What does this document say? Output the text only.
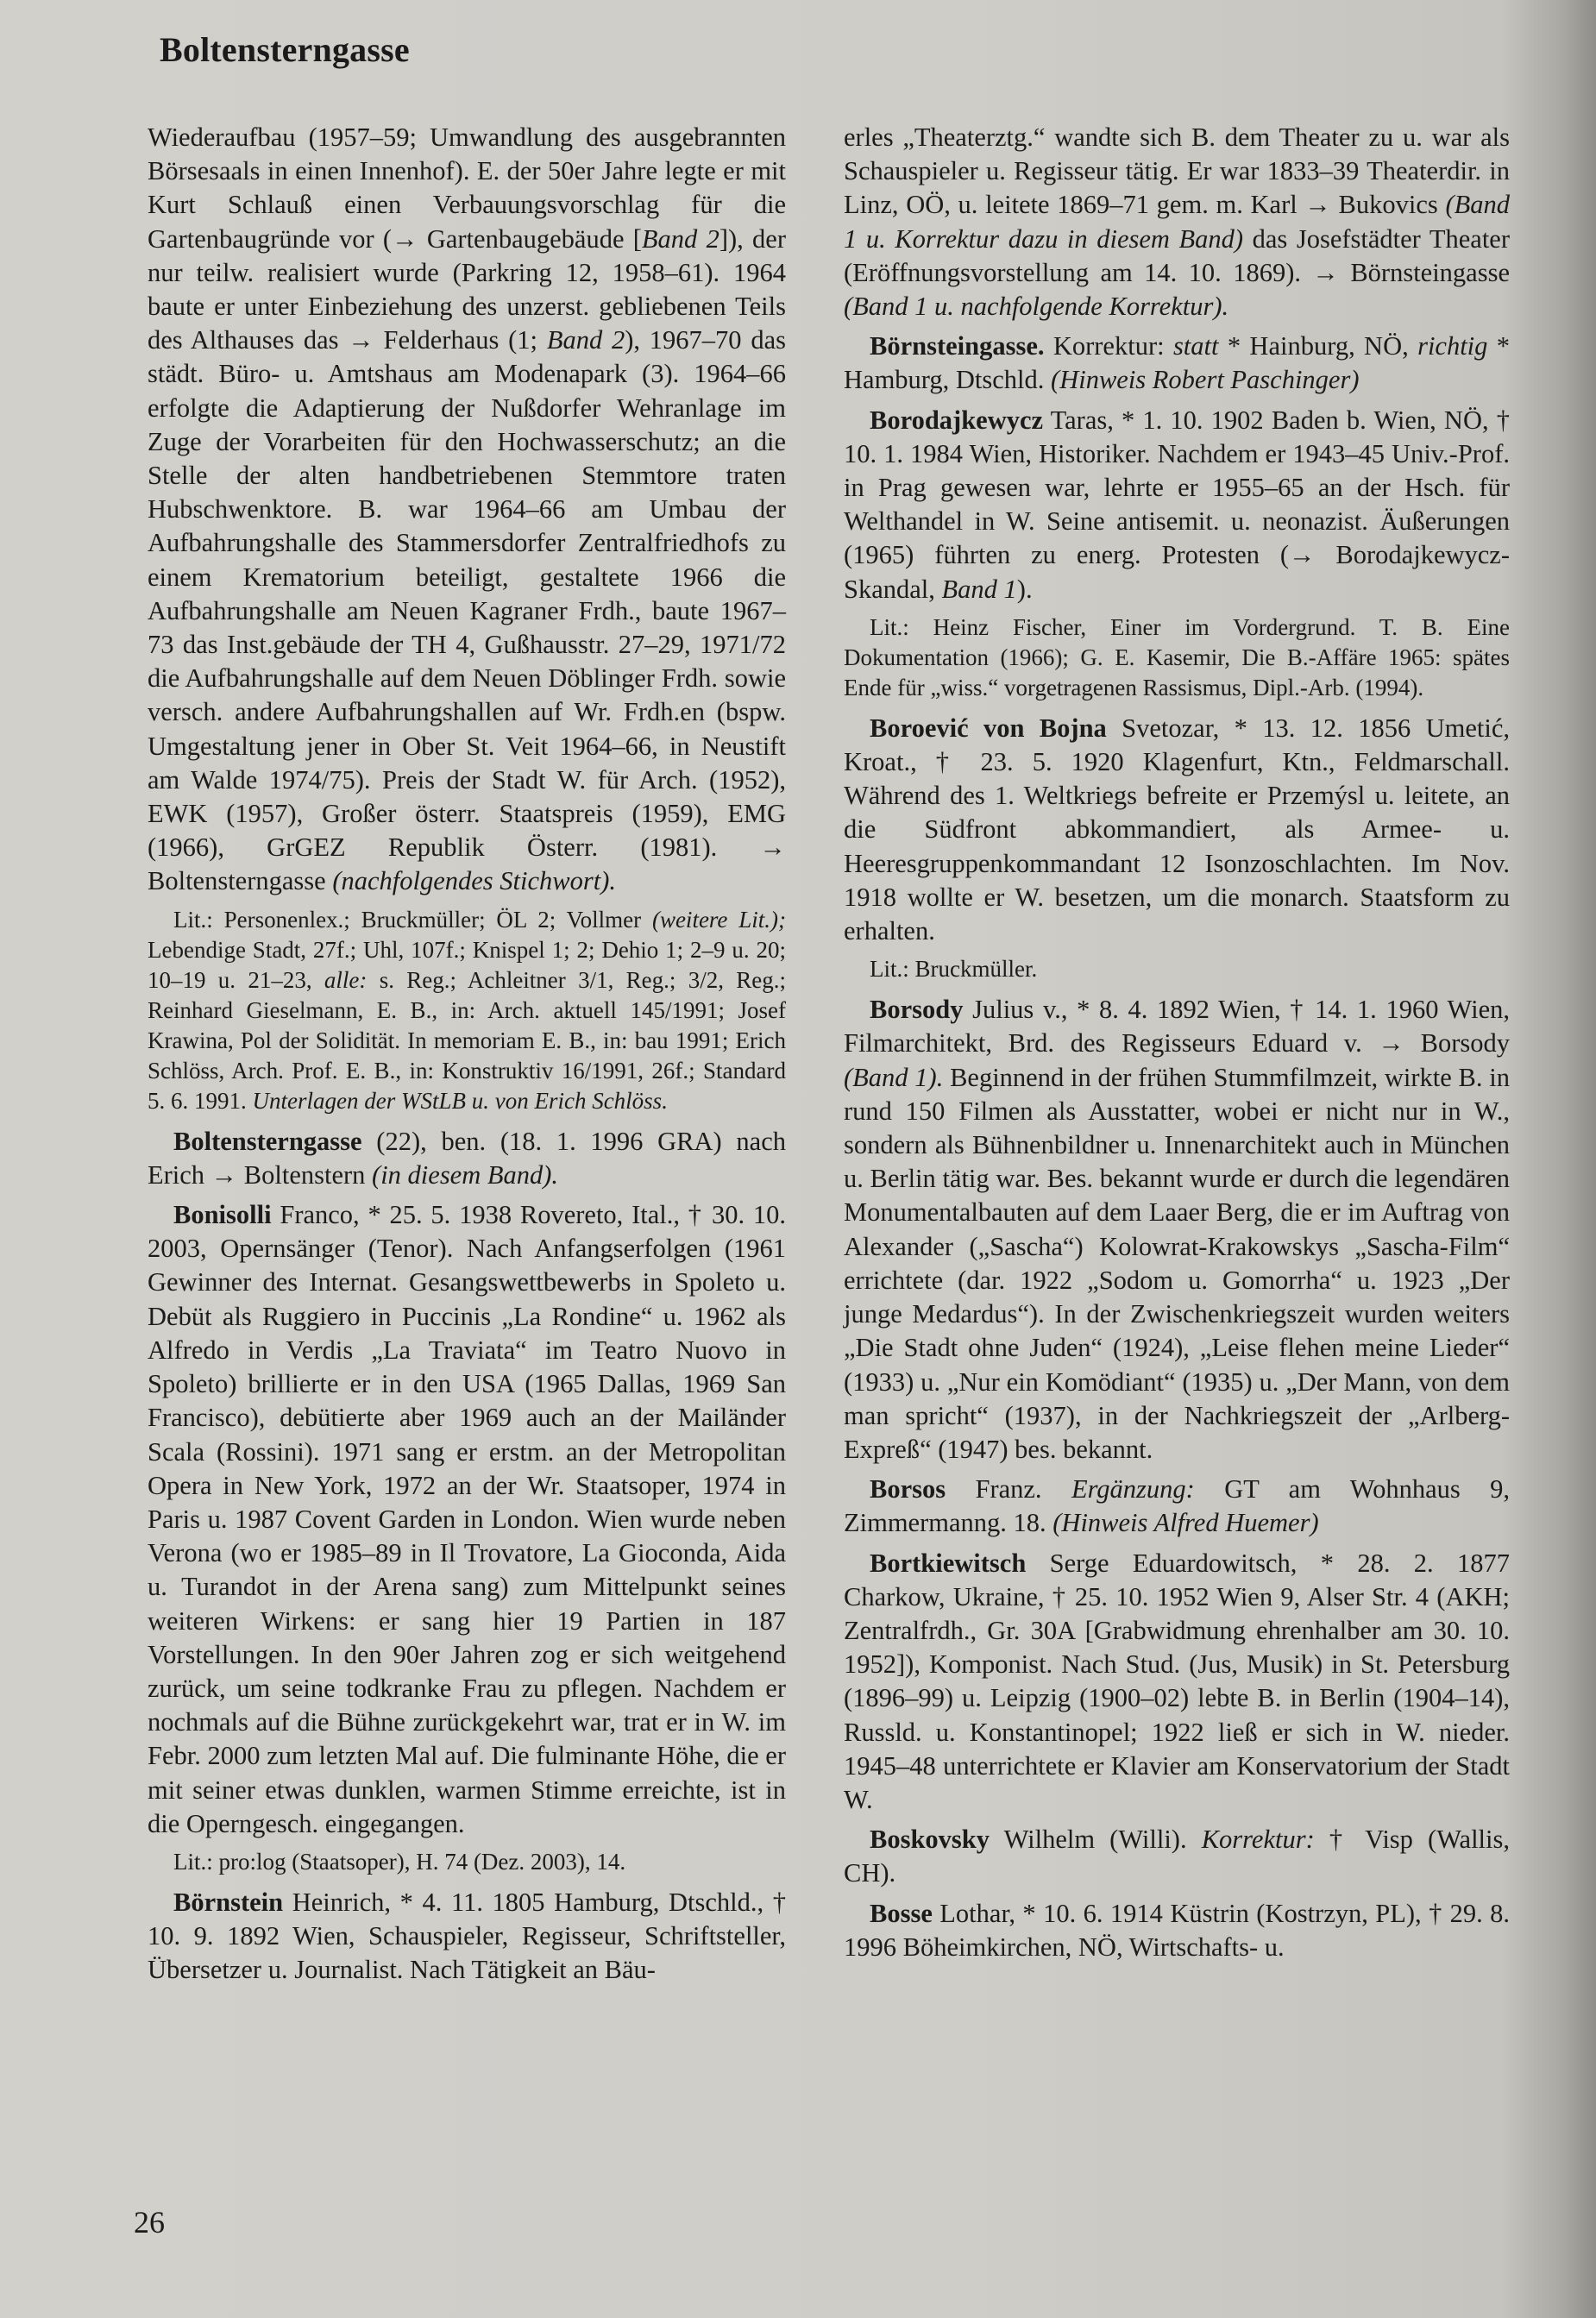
Boltensterngasse

Wiederaufbau (1957–59; Umwandlung des ausgebrannten Börsesaals in einen Innenhof). E. der 50er Jahre legte er mit Kurt Schlauß einen Verbauungsvorschlag für die Gartenbaugründe vor (→ Gartenbaugebäude [Band 2]), der nur teilw. realisiert wurde (Parkring 12, 1958–61). 1964 baute er unter Einbeziehung des unzerst. gebliebenen Teils des Althauses das → Felderhaus (1; Band 2), 1967–70 das städt. Büro- u. Amtshaus am Modenapark (3). 1964–66 erfolgte die Adaptierung der Nußdorfer Wehranlage im Zuge der Vorarbeiten für den Hochwasserschutz; an die Stelle der alten handbetriebenen Stemmtore traten Hubschwenktore. B. war 1964–66 am Umbau der Aufbahrungshalle des Stammersdorfer Zentralfriedhofs zu einem Krematorium beteiligt, gestaltete 1966 die Aufbahrungshalle am Neuen Kagraner Frdh., baute 1967–73 das Inst.gebäude der TH 4, Gußhausstr. 27–29, 1971/72 die Aufbahrungshalle auf dem Neuen Döblinger Frdh. sowie versch. andere Aufbahrungshallen auf Wr. Frdh.en (bspw. Umgestaltung jener in Ober St. Veit 1964–66, in Neustift am Walde 1974/75). Preis der Stadt W. für Arch. (1952), EWK (1957), Großer österr. Staatspreis (1959), EMG (1966), GrGEZ Republik Österr. (1981). → Boltensterngasse (nachfolgendes Stichwort).

Lit.: Personenlex.; Bruckmüller; ÖL 2; Vollmer (weitere Lit.); Lebendige Stadt, 27f.; Uhl, 107f.; Knispel 1; 2; Dehio 1; 2–9 u. 20; 10–19 u. 21–23, alle: s. Reg.; Achleitner 3/1, Reg.; 3/2, Reg.; Reinhard Gieselmann, E. B., in: Arch. aktuell 145/1991; Josef Krawina, Pol der Solidität. In memoriam E. B., in: bau 1991; Erich Schlöss, Arch. Prof. E. B., in: Konstruktiv 16/1991, 26f.; Standard 5. 6. 1991. Unterlagen der WStLB u. von Erich Schlöss.

Boltensterngasse (22), ben. (18. 1. 1996 GRA) nach Erich → Boltenstern (in diesem Band).

Bonisolli Franco, * 25. 5. 1938 Rovereto, Ital., † 30. 10. 2003, Opernsänger (Tenor). Nach Anfangserfolgen (1961 Gewinner des Internat. Gesangswettbewerbs in Spoleto u. Debüt als Ruggiero in Puccinis „La Rondine“ u. 1962 als Alfredo in Verdis „La Traviata“ im Teatro Nuovo in Spoleto) brillierte er in den USA (1965 Dallas, 1969 San Francisco), debütierte aber 1969 auch an der Mailänder Scala (Rossini). 1971 sang er erstm. an der Metropolitan Opera in New York, 1972 an der Wr. Staatsoper, 1974 in Paris u. 1987 Covent Garden in London. Wien wurde neben Verona (wo er 1985–89 in Il Trovatore, La Gioconda, Aida u. Turandot in der Arena sang) zum Mittelpunkt seines weiteren Wirkens: er sang hier 19 Partien in 187 Vorstellungen. In den 90er Jahren zog er sich weitgehend zurück, um seine todkranke Frau zu pflegen. Nachdem er nochmals auf die Bühne zurückgekehrt war, trat er in W. im Febr. 2000 zum letzten Mal auf. Die fulminante Höhe, die er mit seiner etwas dunklen, warmen Stimme erreichte, ist in die Operngesch. eingegangen.

Lit.: pro:log (Staatsoper), H. 74 (Dez. 2003), 14.

Börnstein Heinrich, * 4. 11. 1805 Hamburg, Dtschld., † 10. 9. 1892 Wien, Schauspieler, Regisseur, Schriftsteller, Übersetzer u. Journalist. Nach Tätigkeit an Bäu-

erles „Theaterztg.“ wandte sich B. dem Theater zu u. war als Schauspieler u. Regisseur tätig. Er war 1833–39 Theaterdir. in Linz, OÖ, u. leitete 1869–71 gem. m. Karl → Bukovics (Band 1 u. Korrektur dazu in diesem Band) das Josefstädter Theater (Eröffnungsvorstellung am 14. 10. 1869). → Börnsteingasse (Band 1 u. nachfolgende Korrektur).

Börnsteingasse. Korrektur: statt * Hainburg, NÖ, richtig * Hamburg, Dtschld. (Hinweis Robert Paschinger)

Borodajkewycz Taras, * 1. 10. 1902 Baden b. Wien, NÖ, † 10. 1. 1984 Wien, Historiker. Nachdem er 1943–45 Univ.-Prof. in Prag gewesen war, lehrte er 1955–65 an der Hsch. für Welthandel in W. Seine antisemit. u. neonazist. Äußerungen (1965) führten zu energ. Protesten (→ Borodajkewycz-Skandal, Band 1).

Lit.: Heinz Fischer, Einer im Vordergrund. T. B. Eine Dokumentation (1966); G. E. Kasemir, Die B.-Affäre 1965: spätes Ende für „wiss.“ vorgetragenen Rassismus, Dipl.-Arb. (1994).

Boroević von Bojna Svetozar, * 13. 12. 1856 Umetić, Kroat., † 23. 5. 1920 Klagenfurt, Ktn., Feldmarschall. Während des 1. Weltkriegs befreite er Przemýsl u. leitete, an die Südfront abkommandiert, als Armee- u. Heeresgruppenkommandant 12 Isonzoschlachten. Im Nov. 1918 wollte er W. besetzen, um die monarch. Staatsform zu erhalten.

Lit.: Bruckmüller.

Borsody Julius v., * 8. 4. 1892 Wien, † 14. 1. 1960 Wien, Filmarchitekt, Brd. des Regisseurs Eduard v. → Borsody (Band 1). Beginnend in der frühen Stummfilmzeit, wirkte B. in rund 150 Filmen als Ausstatter, wobei er nicht nur in W., sondern als Bühnenbildner u. Innenarchitekt auch in München u. Berlin tätig war. Bes. bekannt wurde er durch die legendären Monumentalbauten auf dem Laaer Berg, die er im Auftrag von Alexander („Sascha“) Kolowrat-Krakowskys „Sascha-Film“ errichtete (dar. 1922 „Sodom u. Gomorrha“ u. 1923 „Der junge Medardus“). In der Zwischenkriegszeit wurden weiters „Die Stadt ohne Juden“ (1924), „Leise flehen meine Lieder“ (1933) u. „Nur ein Komödiant“ (1935) u. „Der Mann, von dem man spricht“ (1937), in der Nachkriegszeit der „Arlberg-Expreß“ (1947) bes. bekannt.

Borsos Franz. Ergänzung: GT am Wohnhaus 9, Zimmermanng. 18. (Hinweis Alfred Huemer)

Bortkiewitsch Serge Eduardowitsch, * 28. 2. 1877 Charkow, Ukraine, † 25. 10. 1952 Wien 9, Alser Str. 4 (AKH; Zentralfrdh., Gr. 30A [Grabwidmung ehrenhalber am 30. 10. 1952]), Komponist. Nach Stud. (Jus, Musik) in St. Petersburg (1896–99) u. Leipzig (1900–02) lebte B. in Berlin (1904–14), Russld. u. Konstantinopel; 1922 ließ er sich in W. nieder. 1945–48 unterrichtete er Klavier am Konservatorium der Stadt W.

Boskovsky Wilhelm (Willi). Korrektur: † Visp (Wallis, CH).

Bosse Lothar, * 10. 6. 1914 Küstrin (Kostrzyn, PL), † 29. 8. 1996 Böheimkirchen, NÖ, Wirtschafts- u.

26
